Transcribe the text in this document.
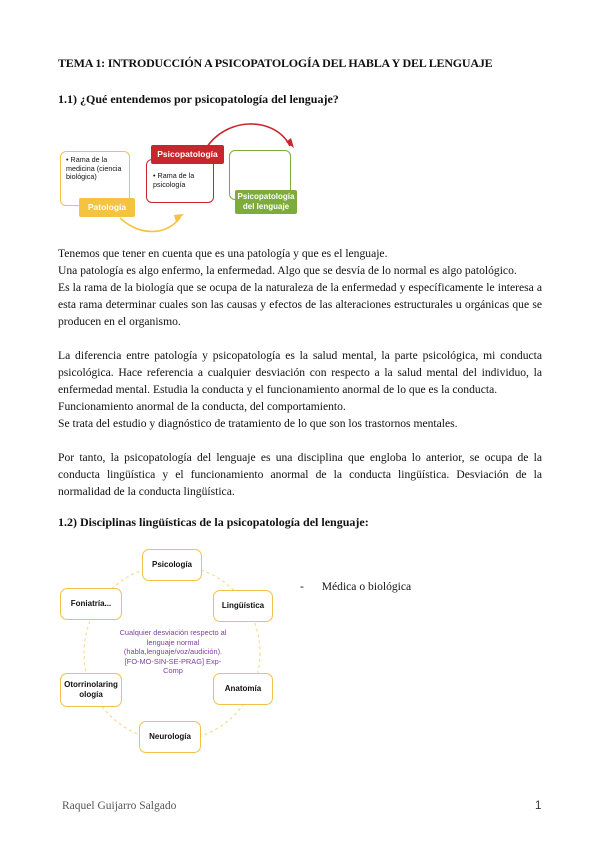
TEMA 1: INTRODUCCIÓN A PSICOPATOLOGÍA DEL HABLA Y DEL LENGUAJE
1.1) ¿Qué entendemos por psicopatología del lenguaje?
• Rama de la medicina (ciencia biológica)
Patología
• Rama de la psicología
Psicopatología
Psicopatología del lenguaje

Tenemos que tener en cuenta que es una patología y que es el lenguaje.

Una patología es algo enfermo, la enfermedad. Algo que se desvía de lo normal es algo patológico.

Es la rama de la biología que se ocupa de la naturaleza de la enfermedad y específicamente le interesa a esta rama determinar cuales son las causas y efectos de las alteraciones estructurales u orgánicas que se producen en el organismo.

La diferencia entre patología y psicopatología es la salud mental, la parte psicológica, mi conducta psicológica. Hace referencia a cualquier desviación con respecto a la salud mental del individuo, la enfermedad mental. Estudia la conducta y el funcionamiento anormal de lo que es la conducta.

Funcionamiento anormal de la conducta, del comportamiento.

Se trata del estudio y diagnóstico de tratamiento de lo que son los trastornos mentales.

Por tanto, la psicopatología del lenguaje es una disciplina que engloba lo anterior, se ocupa de la conducta lingüística y el funcionamiento anormal de la conducta lingüística. Desviación de la normalidad de la conducta lingüística.

1.2) Disciplinas lingüísticas de la psicopatología del lenguaje:
Psicología
Lingüística
Anatomía
Neurología
Otorrinolaring ología
Foniatría...
Cualquier desviación respecto al lenguaje normal (habla,lenguaje/voz/audición). [FO-MO-SIN-SE-PRAG] Exp-Comp
- Médica o biológica
Raquel Guijarro Salgado	1
